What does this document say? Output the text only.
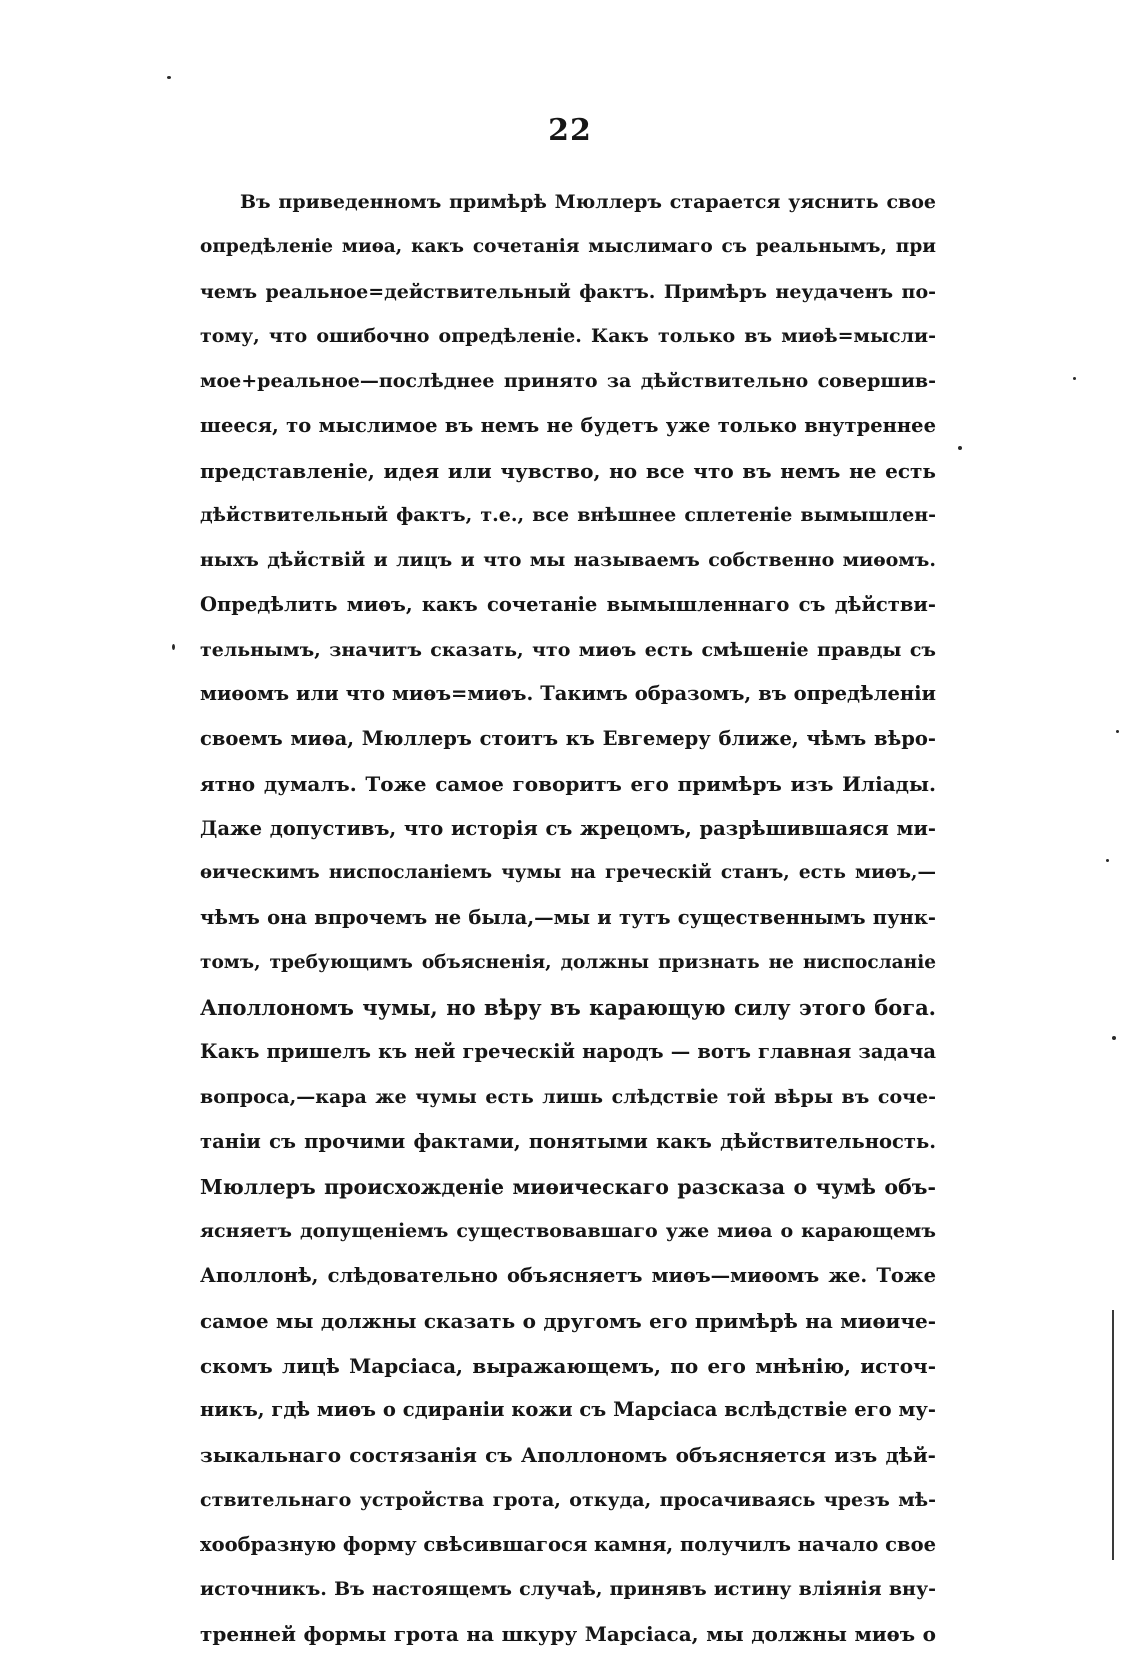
22
Въ приведенномъ примѣрѣ Мюллеръ старается уяснить свое
опредѣленіе миѳа, какъ сочетанія мыслимаго съ реальнымъ, при
чемъ реальное=действительный фактъ. Примѣръ неудаченъ по-
тому, что ошибочно опредѣленіе. Какъ только въ миѳѣ=мысли-
мое+реальное—послѣднее принято за дѣйствительно совершив-
шееся, то мыслимое въ немъ не будетъ уже только внутреннее
представленіе, идея или чувство, но все что въ немъ не есть
дѣйствительный фактъ, т.е., все внѣшнее сплетеніе вымышлен-
ныхъ дѣйствій и лицъ и что мы называемъ собственно миѳомъ.
Опредѣлить миѳъ, какъ сочетаніе вымышленнаго съ дѣйстви-
тельнымъ, значитъ сказать, что миѳъ есть смѣшеніе правды съ
миѳомъ или что миѳъ=миѳъ. Такимъ образомъ, въ опредѣленіи
своемъ миѳа, Мюллеръ стоитъ къ Евгемеру ближе, чѣмъ вѣро-
ятно думалъ. Тоже самое говоритъ его примѣръ изъ Иліады.
Даже допустивъ, что исторія съ жрецомъ, разрѣшившаяся ми-
ѳическимъ ниспосланіемъ чумы на греческій станъ, есть миѳъ,—
чѣмъ она впрочемъ не была,—мы и тутъ существеннымъ пунк-
томъ, требующимъ объясненія, должны признать не ниспосланіе
Аполлономъ чумы, но вѣру въ карающую силу этого бога.
Какъ пришелъ къ ней греческій народъ — вотъ главная задача
вопроса,—кара же чумы есть лишь слѣдствіе той вѣры въ соче-
таніи съ прочими фактами, понятыми какъ дѣйствительность.
Мюллеръ происхожденіе миѳическаго разсказа о чумѣ объ-
ясняетъ допущеніемъ существовавшаго уже миѳа о карающемъ
Аполлонѣ, слѣдовательно объясняетъ миѳъ—миѳомъ же. Тоже
самое мы должны сказать о другомъ его примѣрѣ на миѳиче-
скомъ лицѣ Марсіаса, выражающемъ, по его мнѣнію, источ-
никъ, гдѣ миѳъ о сдираніи кожи съ Марсіаса вслѣдствіе его му-
зыкальнаго состязанія съ Аполлономъ объясняется изъ дѣй-
ствительнаго устройства грота, откуда, просачиваясь чрезъ мѣ-
хообразную форму свѣсившагося камня, получилъ начало свое
источникъ. Въ настоящемъ случаѣ, принявъ истину вліянія вну-
тренней формы грота на шкуру Марсіаса, мы должны миѳъ о
